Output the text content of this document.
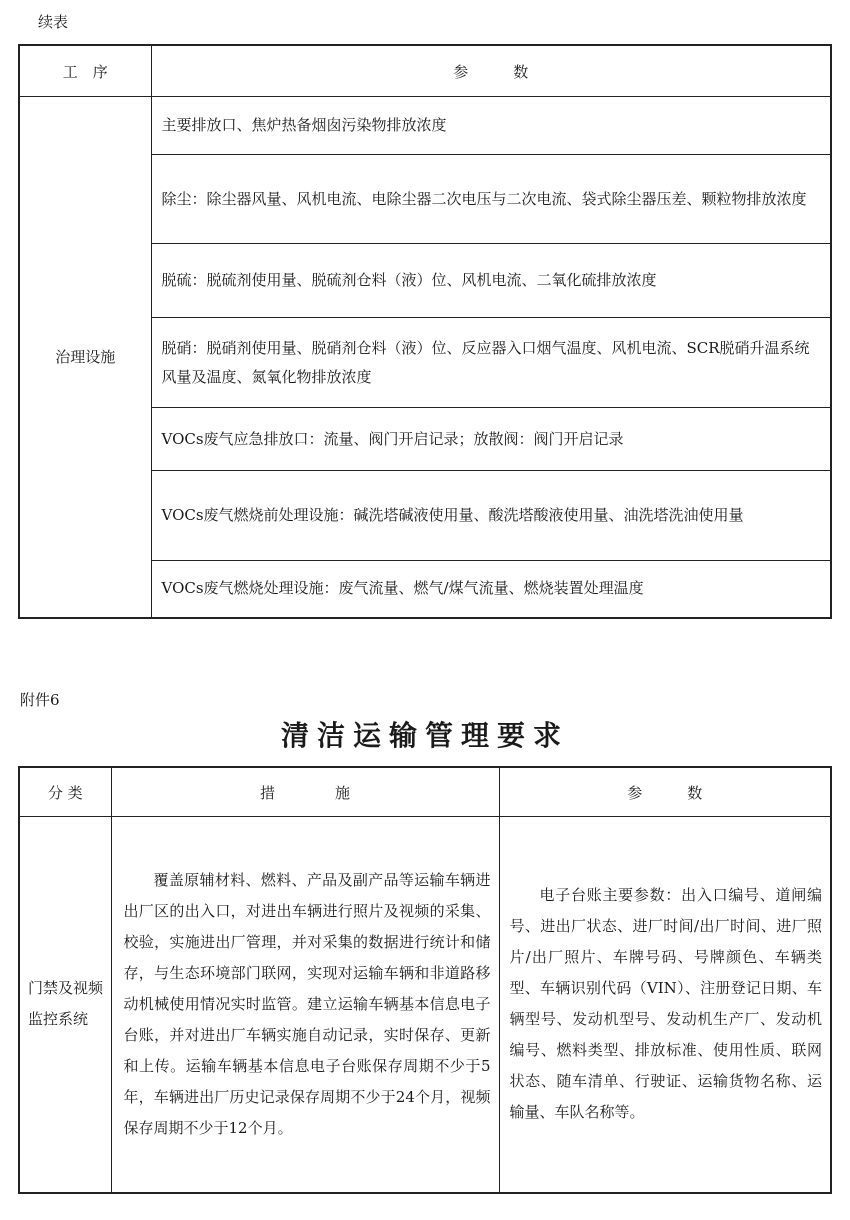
续表
工　序	参　　　数
治理设施	主要排放口、焦炉热备烟囱污染物排放浓度
	除尘：除尘器风量、风机电流、电除尘器二次电压与二次电流、袋式除尘器压差、颗粒物排放浓度
	脱硫：脱硫剂使用量、脱硫剂仓料（液）位、风机电流、二氧化硫排放浓度
	脱硝：脱硝剂使用量、脱硝剂仓料（液）位、反应器入口烟气温度、风机电流、SCR脱硝升温系统风量及温度、氮氧化物排放浓度
	VOCs废气应急排放口：流量、阀门开启记录；放散阀：阀门开启记录
	VOCs废气燃烧前处理设施：碱洗塔碱液使用量、酸洗塔酸液使用量、油洗塔洗油使用量
	VOCs废气燃烧处理设施：废气流量、燃气/煤气流量、燃烧装置处理温度
附件6
清洁运输管理要求
分 类	措　　　　施	参　　　数
门禁及视频监控系统	覆盖原辅材料、燃料、产品及副产品等运输车辆进出厂区的出入口，对进出车辆进行照片及视频的采集、校验，实施进出厂管理，并对采集的数据进行统计和储存，与生态环境部门联网，实现对运输车辆和非道路移动机械使用情况实时监管。建立运输车辆基本信息电子台账，并对进出厂车辆实施自动记录，实时保存、更新和上传。运输车辆基本信息电子台账保存周期不少于5年，车辆进出厂历史记录保存周期不少于24个月，视频保存周期不少于12个月。	电子台账主要参数：出入口编号、道闸编号、进出厂状态、进厂时间/出厂时间、进厂照片/出厂照片、车牌号码、号牌颜色、车辆类型、车辆识别代码（VIN）、注册登记日期、车辆型号、发动机型号、发动机生产厂、发动机编号、燃料类型、排放标准、使用性质、联网状态、随车清单、行驶证、运输货物名称、运输量、车队名称等。
